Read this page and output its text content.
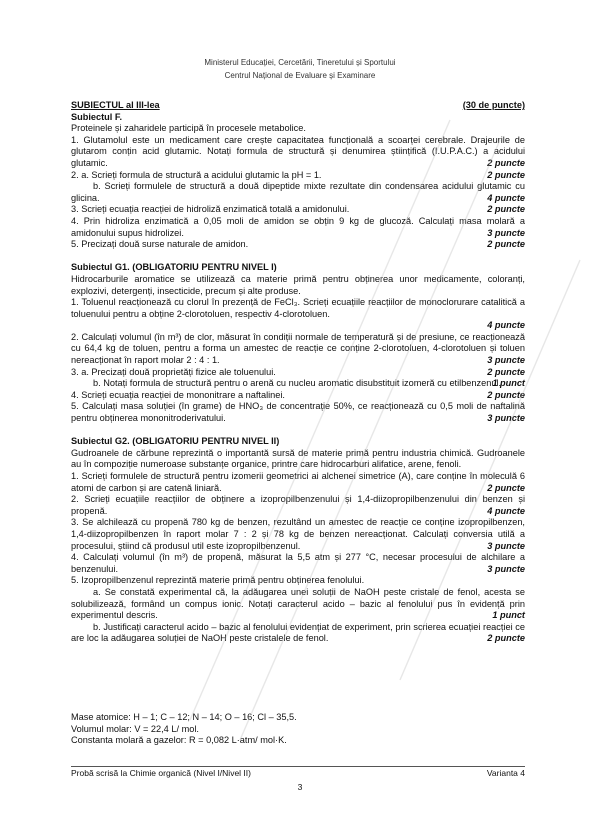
Ministerul Educației, Cercetării, Tineretului și Sportului
Centrul Național de Evaluare și Examinare
SUBIECTUL al III-lea	(30 de puncte)
Subiectul F.
Proteinele și zaharidele participă în procesele metabolice.
1. Glutamolul este un medicament care crește capacitatea funcțională a scoarței cerebrale. Drajeurile de glutarom conțin acid glutamic. Notați formula de structură și denumirea științifică (I.U.P.A.C.) a acidului glutamic.	2 puncte
2 puncte
2. a. Scrieți formula de structură a acidului glutamic la pH = 1.
b. Scrieți formulele de structură a două dipeptide mixte rezultate din condensarea acidului glutamic cu glicina.	4 puncte
2 puncte
3. Scrieți ecuația reacției de hidroliză enzimatică totală a amidonului.
4. Prin hidroliza enzimatică a 0,05 moli de amidon se obțin 9 kg de glucoză. Calculați masa molară a amidonului supus hidrolizei.	3 puncte
2 puncte
5. Precizați două surse naturale de amidon.
Subiectul G1. (OBLIGATORIU PENTRU NIVEL I)
Hidrocarburile aromatice se utilizează ca materie primă pentru obținerea unor medicamente, coloranți, explozivi, detergenți, insecticide, precum și alte produse.
1. Toluenul reacționează cu clorul în prezență de FeCl₃. Scrieți ecuațiile reacțiilor de monoclorurare catalitică a toluenului pentru a obține 2-clorotoluen, respectiv 4-clorotoluen.
4 puncte
2. Calculați volumul (în m³) de clor, măsurat în condiții normale de temperatură și de presiune, ce reacționează cu 64,4 kg de toluen, pentru a forma un amestec de reacție ce conține 2-clorotoluen, 4-clorotoluen și toluen nereacționat în raport molar 2 : 4 : 1.	3 puncte
2 puncte
3. a. Precizați două proprietăți fizice ale toluenului.
b. Notați formula de structură pentru o arenă cu nucleu aromatic disubstituit izomeră cu etilbenzenul.
1 punct
2 puncte
4. Scrieți ecuația reacției de mononitrare a naftalinei.
5. Calculați masa soluției (în grame) de HNO₃ de concentrație 50%, ce reacționează cu 0,5 moli de naftalină pentru obținerea mononitroderivatului.	3 puncte
Subiectul G2. (OBLIGATORIU PENTRU NIVEL II)
Gudroanele de cărbune reprezintă o importantă sursă de materie primă pentru industria chimică. Gudroanele au în compoziție numeroase substanțe organice, printre care hidrocarburi alifatice, arene, fenoli.
1. Scrieți formulele de structură pentru izomerii geometrici ai alchenei simetrice (A), care conține în moleculă 6 atomi de carbon și are catenă liniară.	2 puncte
2. Scrieți ecuațiile reacțiilor de obținere a izopropilbenzenului și 1,4-diizopropilbenzenului din benzen și propenă.	4 puncte
3. Se alchilează cu propenă 780 kg de benzen, rezultând un amestec de reacție ce conține izopropilbenzen, 1,4-diizopropilbenzen în raport molar 7 : 2 și 78 kg de benzen nereacționat. Calculați conversia utilă a procesului, știind că produsul util este izopropilbenzenul.	3 puncte
4. Calculați volumul (în m³) de propenă, măsurat la 5,5 atm și 277 °C, necesar procesului de alchilare a benzenului.	3 puncte
5. Izopropilbenzenul reprezintă materie primă pentru obținerea fenolului.
a. Se constată experimental că, la adăugarea unei soluții de NaOH peste cristale de fenol, acesta se solubilizează, formând un compus ionic. Notați caracterul acido – bazic al fenolului pus în evidență prin experimentul descris.	1 punct
b. Justificați caracterul acido – bazic al fenolului evidențiat de experiment, prin scrierea ecuației reacției ce are loc la adăugarea soluției de NaOH peste cristalele de fenol.	2 puncte
Mase atomice: H – 1; C – 12; N – 14; O – 16; Cl – 35,5.
Volumul molar: V = 22,4 L/ mol.
Constanta molară a gazelor: R = 0,082 L·atm/ mol·K.
Probă scrisă la Chimie organică (Nivel I/Nivel II)	Varianta 4
3
